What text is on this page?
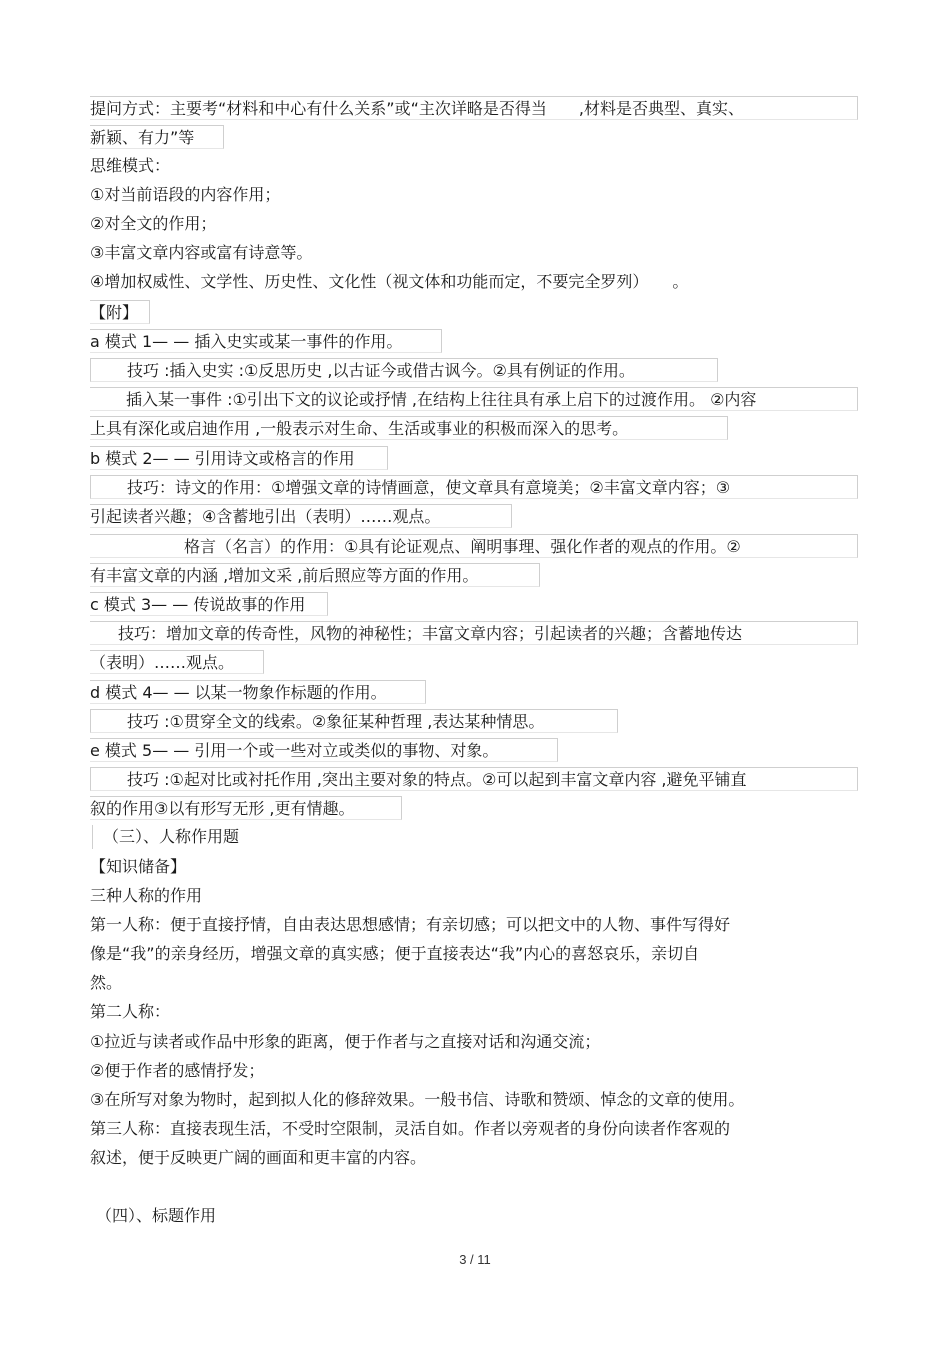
提问方式：主要考“材料和中心有什么关系”或“主次详略是否得当　　,材料是否典型、真实、
新颖、有力”等
思维模式：
①对当前语段的内容作用；
②对全文的作用；
③丰富文章内容或富有诗意等。
④增加权威性、文学性、历史性、文化性（视文体和功能而定，不要完全罗列）　　。
【附】
a 模式 1— — 插入史实或某一事件的作用。
技巧 :插入史实 :①反思历史 ,以古证今或借古讽今。②具有例证的作用。
插入某一事件 :①引出下文的议论或抒情 ,在结构上往往具有承上启下的过渡作用。 ②内容
上具有深化或启迪作用 ,一般表示对生命、生活或事业的积极而深入的思考。
b 模式 2— — 引用诗文或格言的作用
技巧：诗文的作用：①增强文章的诗情画意，使文章具有意境美；②丰富文章内容；③
引起读者兴趣；④含蓄地引出（表明）……观点。
格言（名言）的作用：①具有论证观点、阐明事理、强化作者的观点的作用。②
有丰富文章的内涵 ,增加文采 ,前后照应等方面的作用。
c 模式 3— — 传说故事的作用
技巧：增加文章的传奇性，风物的神秘性；丰富文章内容；引起读者的兴趣；含蓄地传达
（表明）……观点。
d 模式 4— — 以某一物象作标题的作用。
技巧 :①贯穿全文的线索。②象征某种哲理 ,表达某种情思。
e 模式 5— — 引用一个或一些对立或类似的事物、对象。
技巧 :①起对比或衬托作用 ,突出主要对象的特点。②可以起到丰富文章内容 ,避免平铺直
叙的作用③以有形写无形 ,更有情趣。
（三）、人称作用题
【知识储备】
三种人称的作用
第一人称：便于直接抒情，自由表达思想感情；有亲切感；可以把文中的人物、事件写得好
像是“我”的亲身经历，增强文章的真实感；便于直接表达“我”内心的喜怒哀乐，亲切自
然。
第二人称：
①拉近与读者或作品中形象的距离，便于作者与之直接对话和沟通交流；
②便于作者的感情抒发；
③在所写对象为物时，起到拟人化的修辞效果。一般书信、诗歌和赞颂、悼念的文章的使用。
第三人称：直接表现生活，不受时空限制，灵活自如。作者以旁观者的身份向读者作客观的
叙述，便于反映更广阔的画面和更丰富的内容。
（四）、标题作用
3 / 11
